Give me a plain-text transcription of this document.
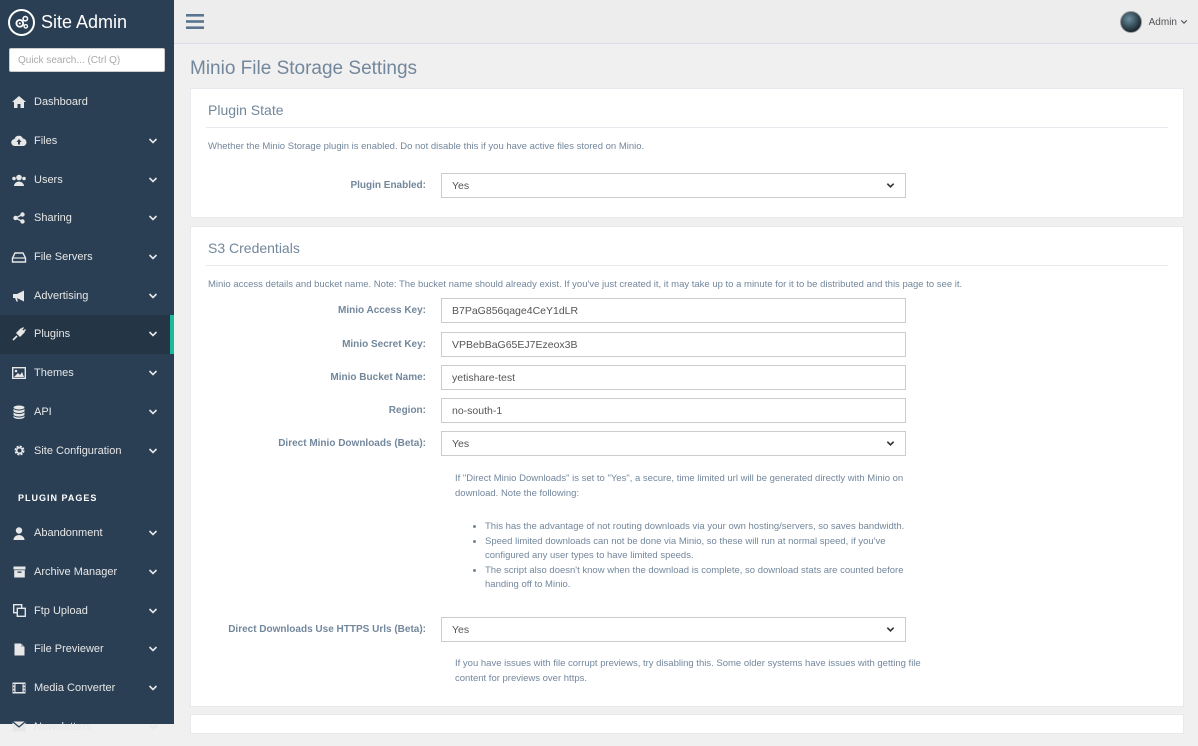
Site Admin
Quick search... (Ctrl Q)
Dashboard
Files
Users
Sharing
File Servers
Advertising
Plugins
Themes
API
Site Configuration
PLUGIN PAGES
Abandonment
Archive Manager
Ftp Upload
File Previewer
Media Converter
Newsletters
Admin
Minio File Storage Settings
Plugin State
Whether the Minio Storage plugin is enabled. Do not disable this if you have active files stored on Minio.
Plugin Enabled:	Yes
S3 Credentials
Minio access details and bucket name. Note: The bucket name should already exist. If you've just created it, it may take up to a minute for it to be distributed and this page to see it.
Minio Access Key:	B7PaG856qage4CeY1dLR
Minio Secret Key:	VPBebBaG65EJ7Ezeox3B
Minio Bucket Name:	yetishare-test
Region:	no-south-1
Direct Minio Downloads (Beta):	Yes
If "Direct Minio Downloads" is set to "Yes", a secure, time limited url will be generated directly with Minio on download. Note the following:
• This has the advantage of not routing downloads via your own hosting/servers, so saves bandwidth.
• Speed limited downloads can not be done via Minio, so these will run at normal speed, if you've configured any user types to have limited speeds.
• The script also doesn't know when the download is complete, so download stats are counted before handing off to Minio.
Direct Downloads Use HTTPS Urls (Beta):	Yes
If you have issues with file corrupt previews, try disabling this. Some older systems have issues with getting file content for previews over https.
